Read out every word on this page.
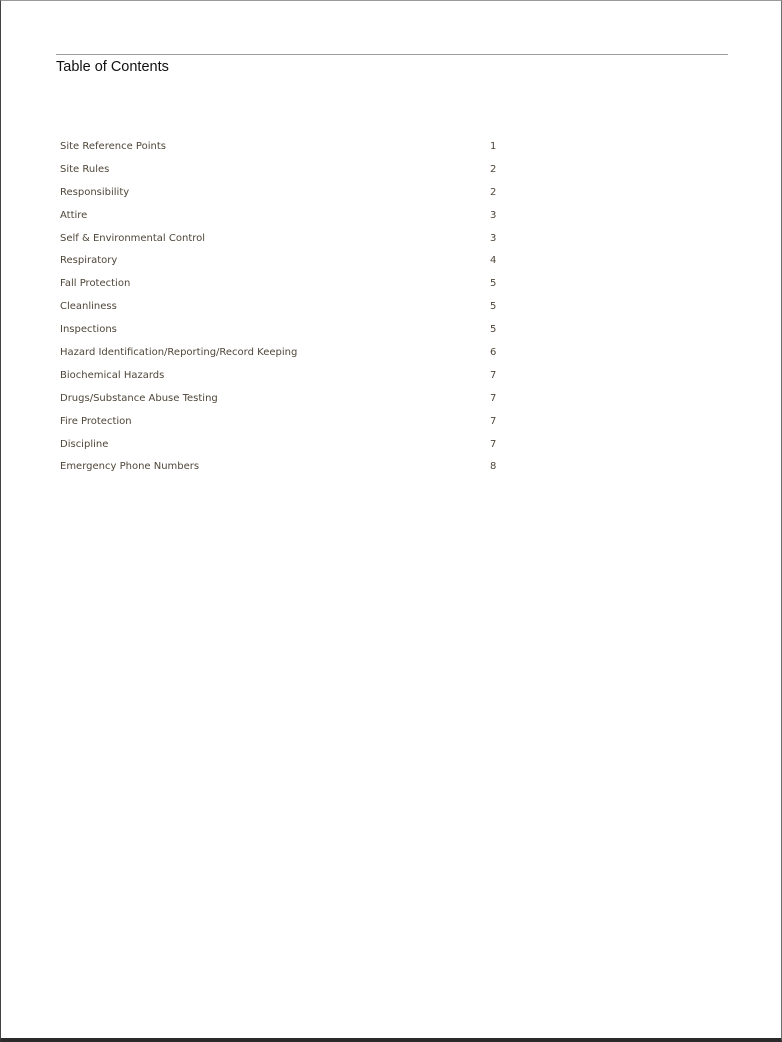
Table of Contents
Site Reference Points	1
Site Rules	2
Responsibility	2
Attire	3
Self & Environmental Control	3
Respiratory	4
Fall Protection	5
Cleanliness	5
Inspections	5
Hazard Identification/Reporting/Record Keeping	6
Biochemical Hazards	7
Drugs/Substance Abuse Testing	7
Fire Protection	7
Discipline	7
Emergency Phone Numbers	8
